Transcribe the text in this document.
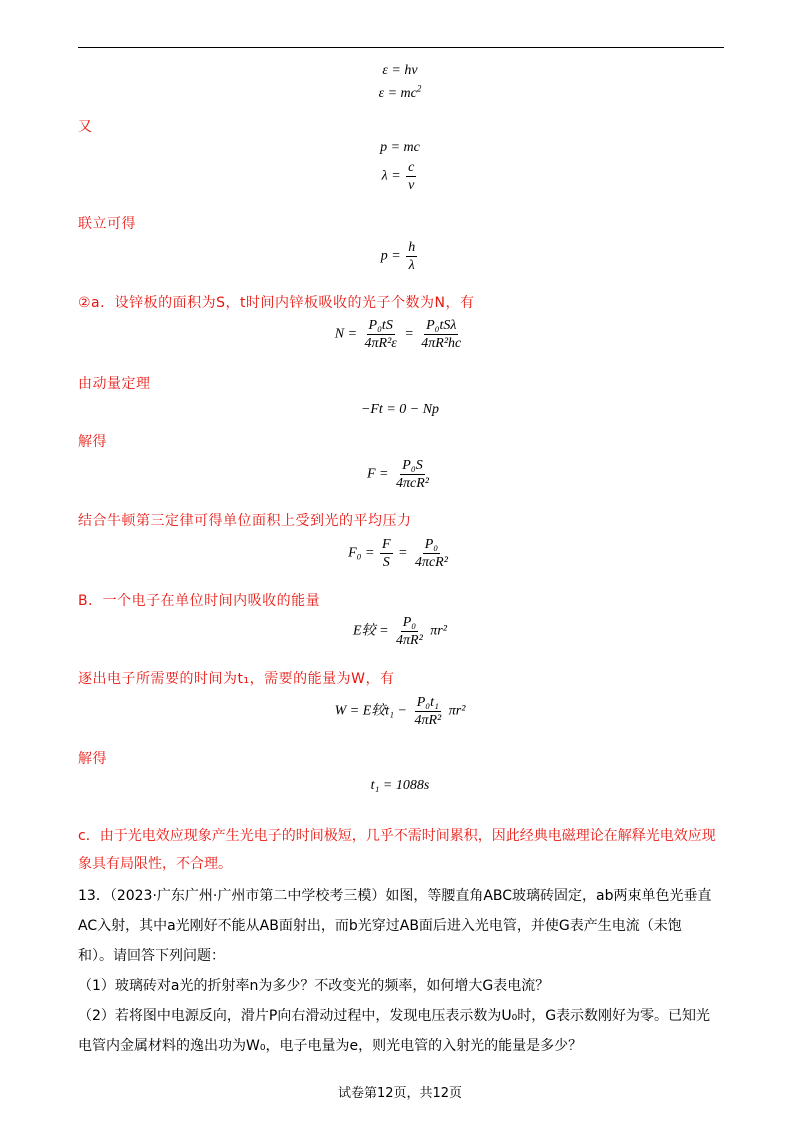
ε = hν
$\varepsilon = mc^2$
又
p = mc
$\lambda = \frac{c}{\nu}$
联立可得
$p = \frac{h}{\lambda}$
②a．设锌板的面积为S，t时间内锌板吸收的光子个数为N，有
$N = \frac{\text{P₀tS}}{\text{4πR²ε}} = \frac{\text{P₀tSλ}}{\text{4πR²hc}}$
由动量定理
−Ft = 0 − Np
解得
$F = \frac{\text{P₀S}}{\text{4πcR²}}$
结合牛顿第三定律可得单位面积上受到光的平均压力
$F_0 = \frac{F}{S} = \frac{\text{P₀}}{\text{4πcR²}}$
B．一个电子在单位时间内吸收的能量
E较 = $\frac{\text{P₀}}{\text{4πR²}} \pi r^2$
逐出电子所需要的时间为t₁，需要的能量为W，有
W = E较$t_1 - \frac{\text{P₀t₁}}{\text{4πR²}} \pi r^2$
解得
t₁ = 1088s
c．由于光电效应现象产生光电子的时间极短，几乎不需时间累积，因此经典电磁理论在解释光电效应现
象具有局限性，不合理。
13．（2023·广东广州·广州市第二中学校考三模）如图，等腰直角ABC玻璃砖固定，ab两束单色光垂直
AC入射，其中a光刚好不能从AB面射出，而b光穿过AB面后进入光电管，并使G表产生电流（未饱
和）。请回答下列问题：
（1）玻璃砖对a光的折射率n为多少？不改变光的频率，如何增大G表电流？
（2）若将图中电源反向，滑片P向右滑动过程中，发现电压表示数为U₀时，G表示数刚好为零。已知光
电管内金属材料的逸出功为W₀，电子电量为e，则光电管的入射光的能量是多少？
试卷第12页，共12页
